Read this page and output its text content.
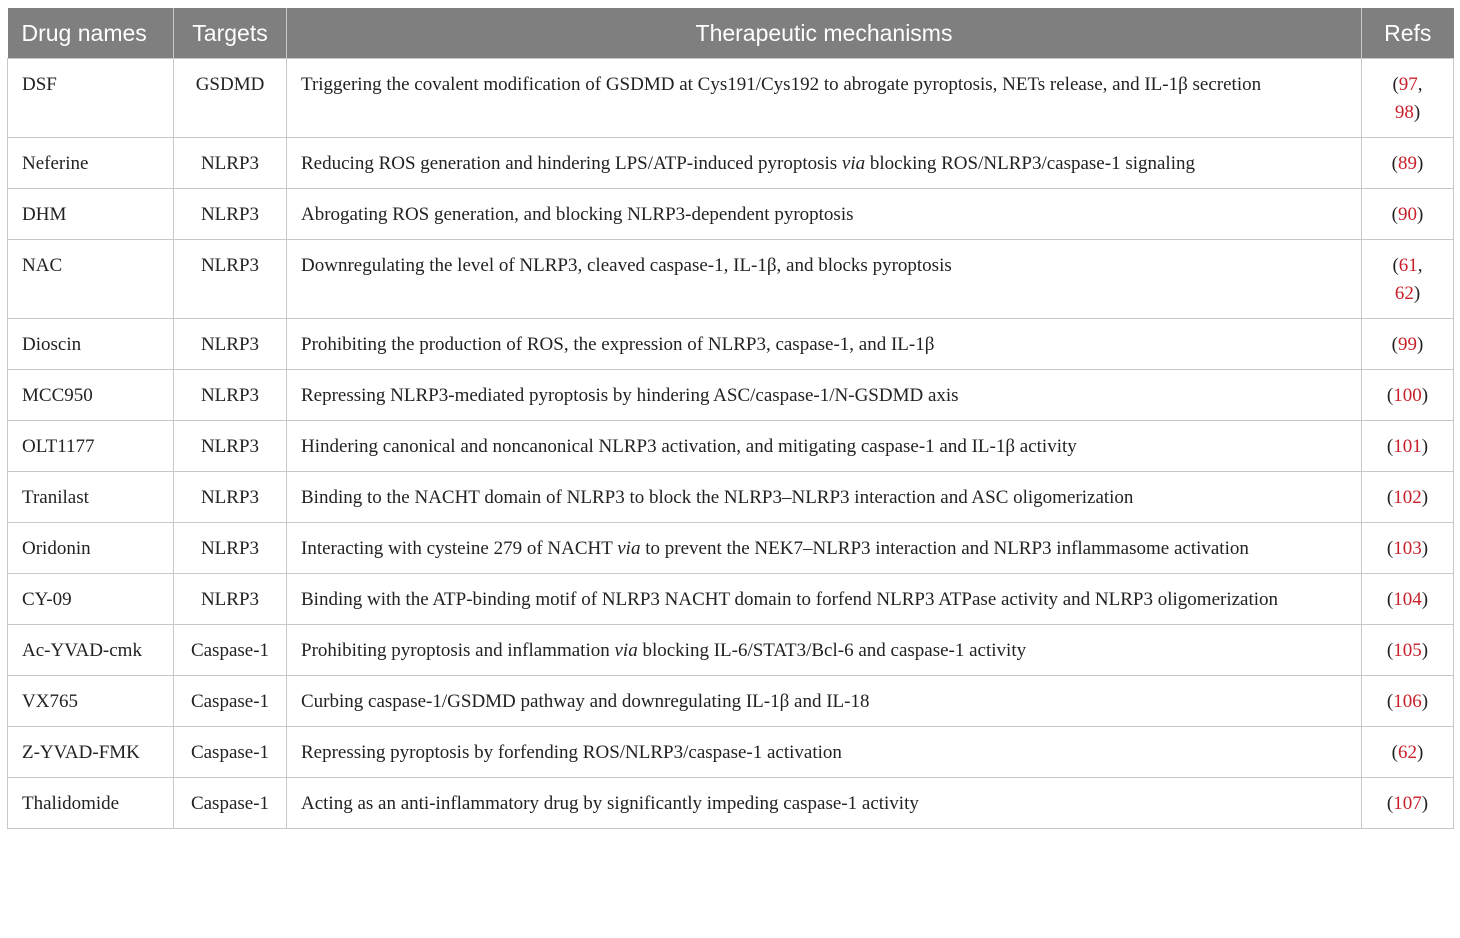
Drug names	Targets	Therapeutic mechanisms	Refs
DSF	GSDMD	Triggering the covalent modification of GSDMD at Cys191/Cys192 to abrogate pyroptosis, NETs release, and IL-1β secretion	(97,
98)
Neferine	NLRP3	Reducing ROS generation and hindering LPS/ATP-induced pyroptosis via blocking ROS/NLRP3/caspase-1 signaling	(89)
DHM	NLRP3	Abrogating ROS generation, and blocking NLRP3-dependent pyroptosis	(90)
NAC	NLRP3	Downregulating the level of NLRP3, cleaved caspase-1, IL-1β, and blocks pyroptosis	(61,
62)
Dioscin	NLRP3	Prohibiting the production of ROS, the expression of NLRP3, caspase-1, and IL-1β	(99)
MCC950	NLRP3	Repressing NLRP3-mediated pyroptosis by hindering ASC/caspase-1/N-GSDMD axis	(100)
OLT1177	NLRP3	Hindering canonical and noncanonical NLRP3 activation, and mitigating caspase-1 and IL-1β activity	(101)
Tranilast	NLRP3	Binding to the NACHT domain of NLRP3 to block the NLRP3–NLRP3 interaction and ASC oligomerization	(102)
Oridonin	NLRP3	Interacting with cysteine 279 of NACHT via to prevent the NEK7–NLRP3 interaction and NLRP3 inflammasome activation	(103)
CY-09	NLRP3	Binding with the ATP-binding motif of NLRP3 NACHT domain to forfend NLRP3 ATPase activity and NLRP3 oligomerization	(104)
Ac-YVAD-cmk	Caspase-1	Prohibiting pyroptosis and inflammation via blocking IL-6/STAT3/Bcl-6 and caspase-1 activity	(105)
VX765	Caspase-1	Curbing caspase-1/GSDMD pathway and downregulating IL-1β and IL-18	(106)
Z-YVAD-FMK	Caspase-1	Repressing pyroptosis by forfending ROS/NLRP3/caspase-1 activation	(62)
Thalidomide	Caspase-1	Acting as an anti-inflammatory drug by significantly impeding caspase-1 activity	(107)
